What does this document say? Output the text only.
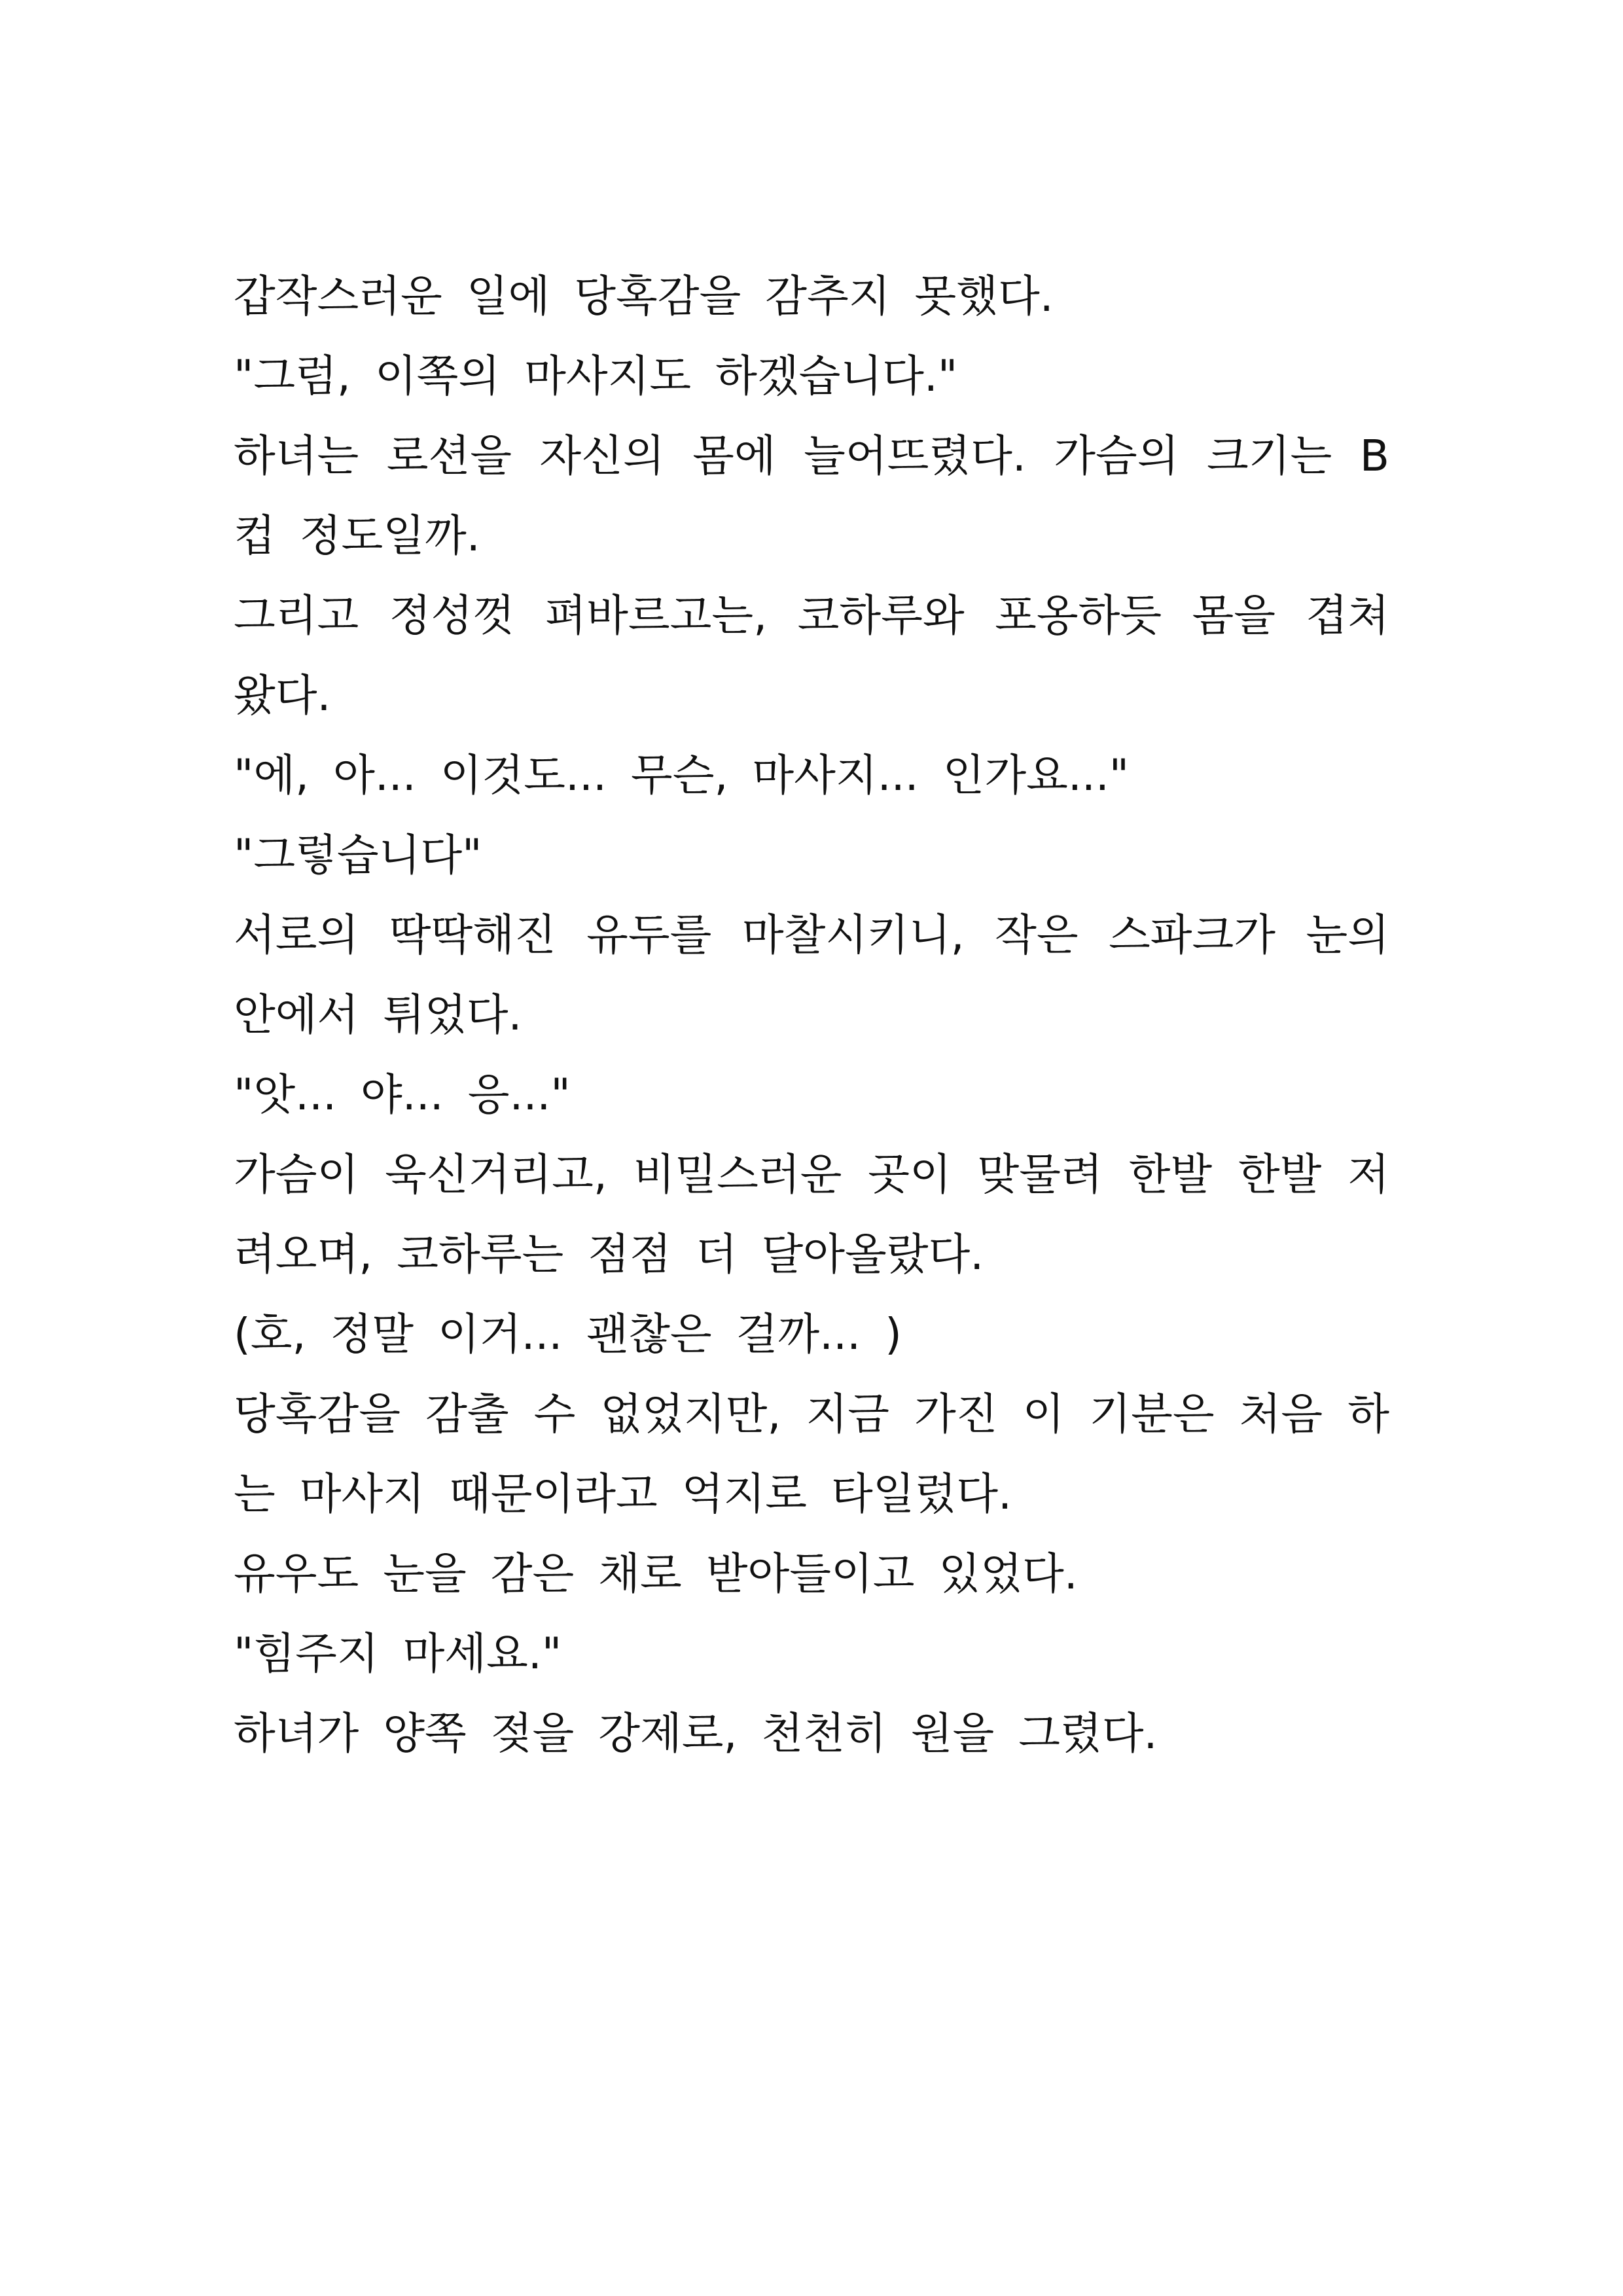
갑작스러운 일에 당혹감을 감추지 못했다.

"그럼, 이쪽의 마사지도 하겠습니다."

하녀는 로션을 자신의 몸에 늘어뜨렸다. 가슴의 크기는 B컵 정도일까.

그리고 정성껏 펴바르고는, 코하루와 포옹하듯 몸을 겹쳐왔다.

"에, 아... 이것도... 무슨, 마사지... 인가요..."

"그렇습니다"

서로의 딱딱해진 유두를 마찰시키니, 작은 스파크가 눈의 안에서 튀었다.

"앗... 야... 응..."

가슴이 욱신거리고, 비밀스러운 곳이 맞물려 한발 한발 저려오며, 코하루는 점점 더 달아올랐다.

(호, 정말 이거... 괜찮은 걸까... )

당혹감을 감출 수 없었지만, 지금 가진 이 기분은 처음 하는 마사지 때문이라고 억지로 타일렀다.

유우도 눈을 감은 채로 받아들이고 있었다.

"힘주지 마세요."

하녀가 양쪽 젖을 강제로, 천천히 원을 그렸다.
